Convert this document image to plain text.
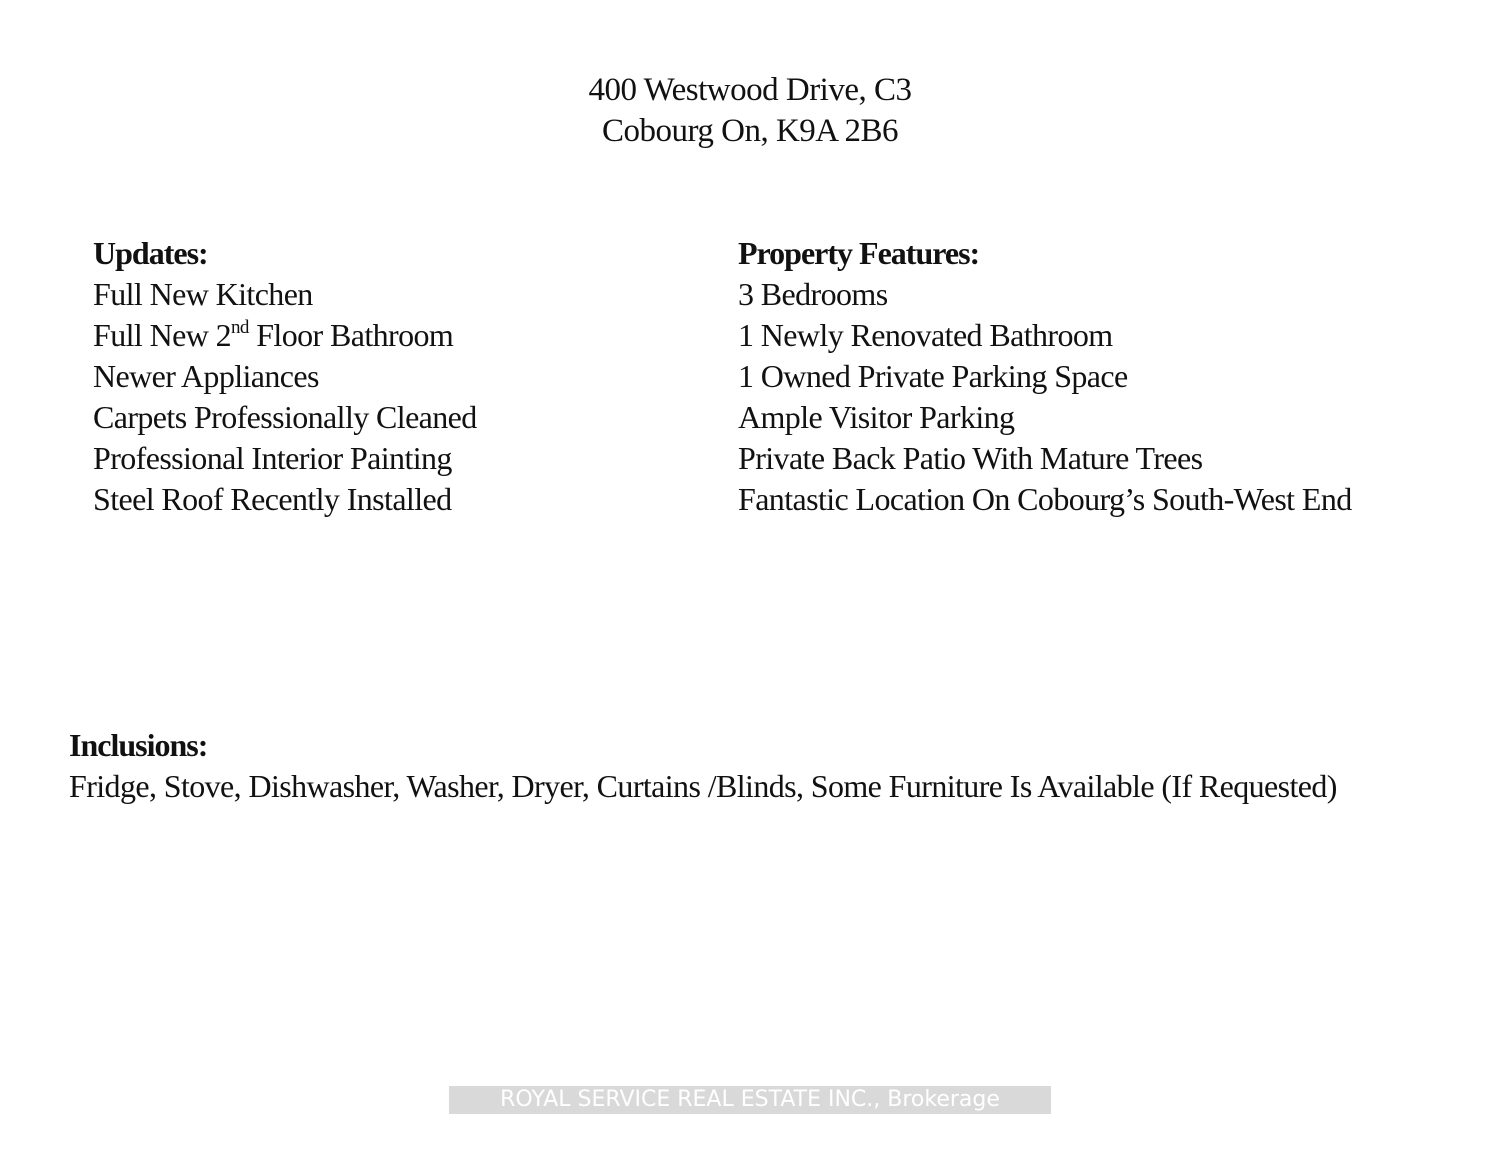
400 Westwood Drive, C3
Cobourg On, K9A 2B6
Updates:
Full New Kitchen
Full New 2nd Floor Bathroom
Newer Appliances
Carpets Professionally Cleaned
Professional Interior Painting
Steel Roof Recently Installed
Property Features:
3 Bedrooms
1 Newly Renovated Bathroom
1 Owned Private Parking Space
Ample Visitor Parking
Private Back Patio With Mature Trees
Fantastic Location On Cobourg’s South-West End
Inclusions:
Fridge, Stove, Dishwasher, Washer, Dryer, Curtains /Blinds, Some Furniture Is Available (If Requested)
ROYAL SERVICE REAL ESTATE INC., Brokerage
